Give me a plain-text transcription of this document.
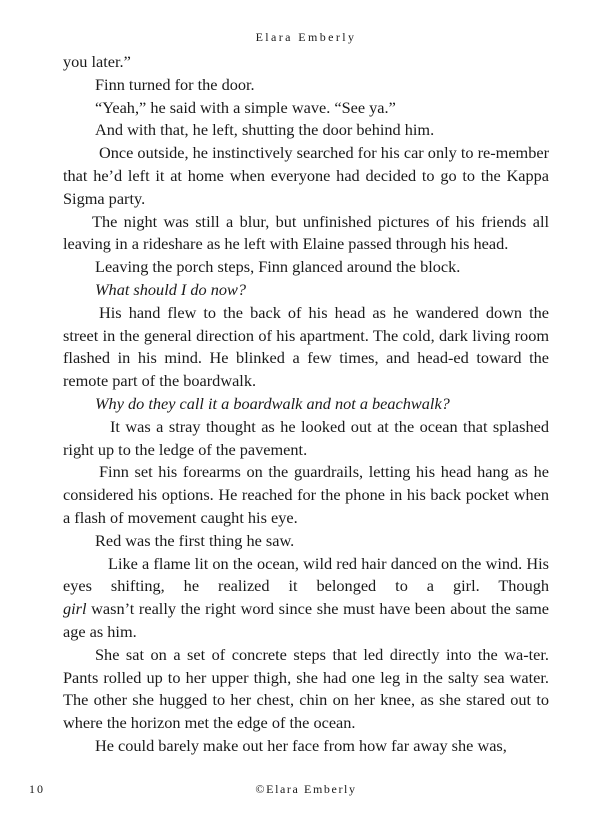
Elara Emberly

you later.”

Finn turned for the door.

“Yeah,” he said with a simple wave. “See ya.”

And with that, he left, shutting the door behind him.

Once outside, he instinctively searched for his car only to re-member that he’d left it at home when everyone had decided to go to the Kappa Sigma party.

The night was still a blur, but unfinished pictures of his friends all leaving in a rideshare as he left with Elaine passed through his head.

Leaving the porch steps, Finn glanced around the block.

What should I do now?

His hand flew to the back of his head as he wandered down the street in the general direction of his apartment. The cold, dark living room flashed in his mind. He blinked a few times, and head-ed toward the remote part of the boardwalk.

Why do they call it a boardwalk and not a beachwalk?

It was a stray thought as he looked out at the ocean that splashed right up to the ledge of the pavement.

Finn set his forearms on the guardrails, letting his head hang as he considered his options. He reached for the phone in his back pocket when a flash of movement caught his eye.

Red was the first thing he saw.

Like a flame lit on the ocean, wild red hair danced on the wind. His eyes shifting, he realized it belonged to a girl. Though

girl wasn’t really the right word since she must have been about the same age as him.

She sat on a set of concrete steps that led directly into the wa-ter. Pants rolled up to her upper thigh, she had one leg in the salty sea water. The other she hugged to her chest, chin on her knee, as she stared out to where the horizon met the edge of the ocean.

He could barely make out her face from how far away she was,

10	©Elara Emberly
